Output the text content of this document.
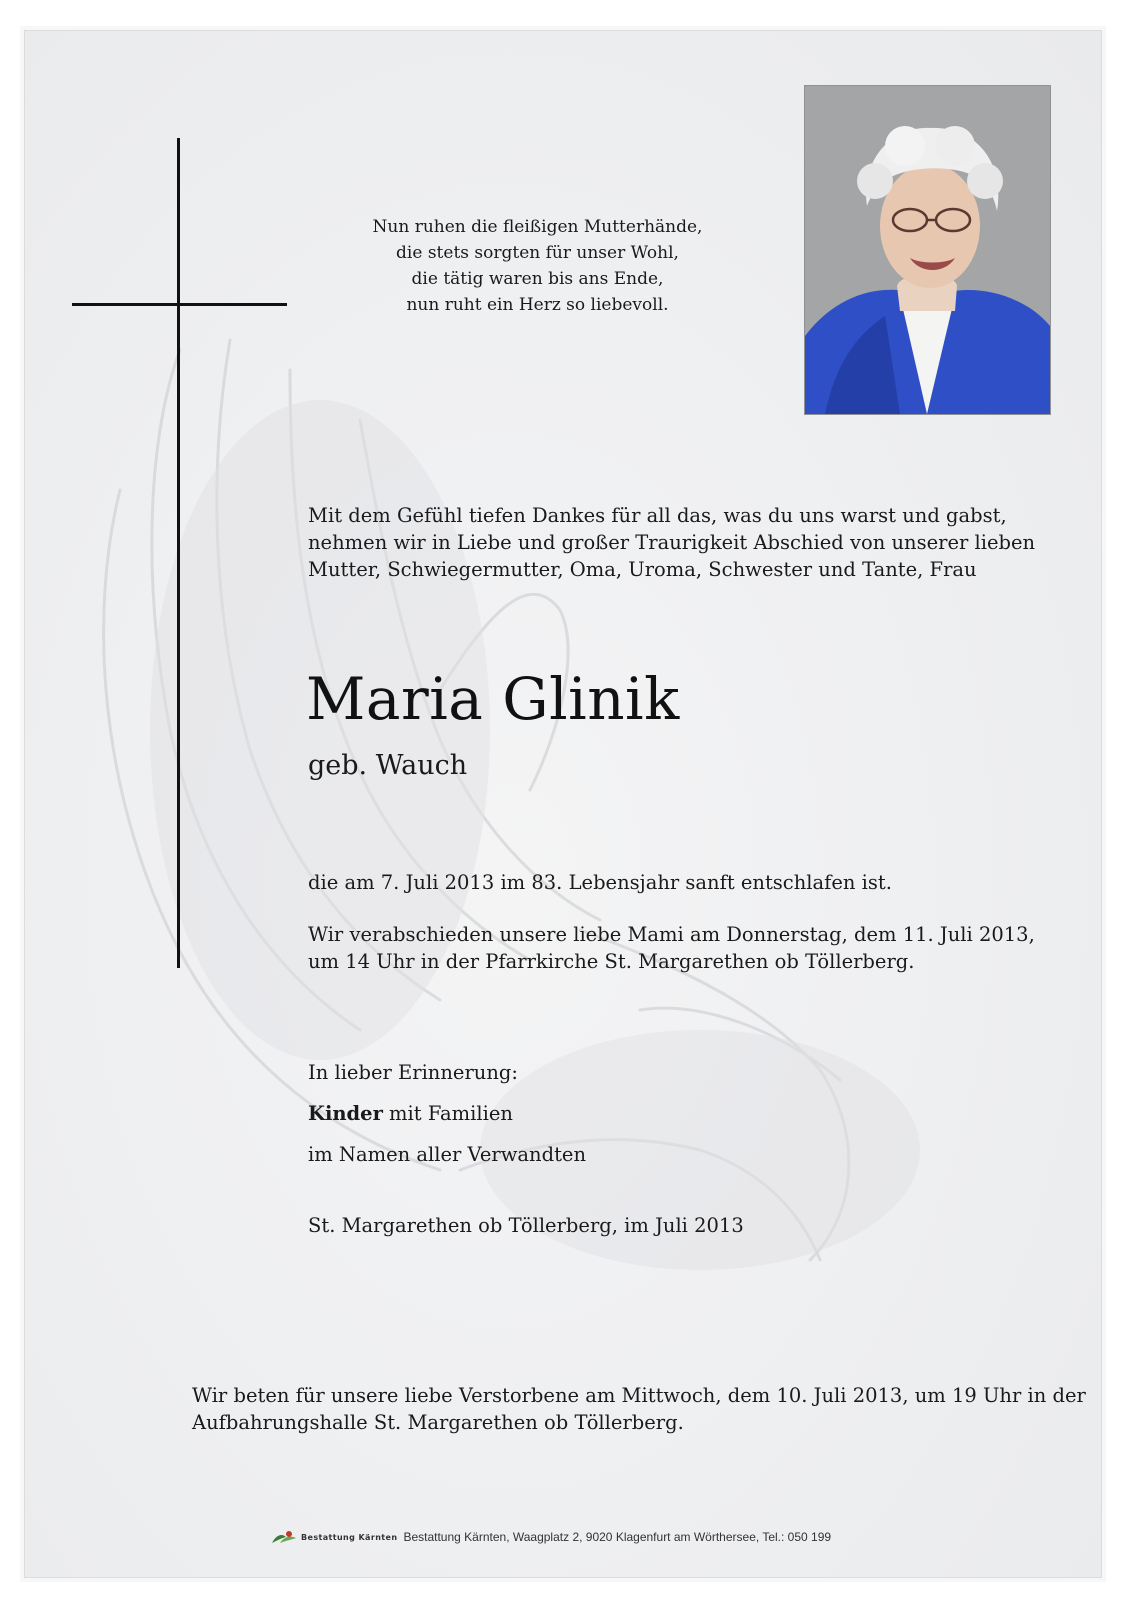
Nun ruhen die fleißigen Mutterhände,
die stets sorgten für unser Wohl,
die tätig waren bis ans Ende,
nun ruht ein Herz so liebevoll.
Mit dem Gefühl tiefen Dankes für all das, was du uns warst und gabst,
nehmen wir in Liebe und großer Traurigkeit Abschied von unserer lieben
Mutter, Schwiegermutter, Oma, Uroma, Schwester und Tante, Frau
Maria Glinik
geb. Wauch
die am 7. Juli 2013 im 83. Lebensjahr sanft entschlafen ist.
Wir verabschieden unsere liebe Mami am Donnerstag, dem 11. Juli 2013,
um 14 Uhr in der Pfarrkirche St. Margarethen ob Töllerberg.
In lieber Erinnerung:
Kinder mit Familien
im Namen aller Verwandten
St. Margarethen ob Töllerberg, im Juli 2013
Wir beten für unsere liebe Verstorbene am Mittwoch, dem 10. Juli 2013, um 19 Uhr in der
Aufbahrungshalle St. Margarethen ob Töllerberg.
Bestattung Kärnten Bestattung Kärnten, Waagplatz 2, 9020 Klagenfurt am Wörthersee, Tel.: 050 199
